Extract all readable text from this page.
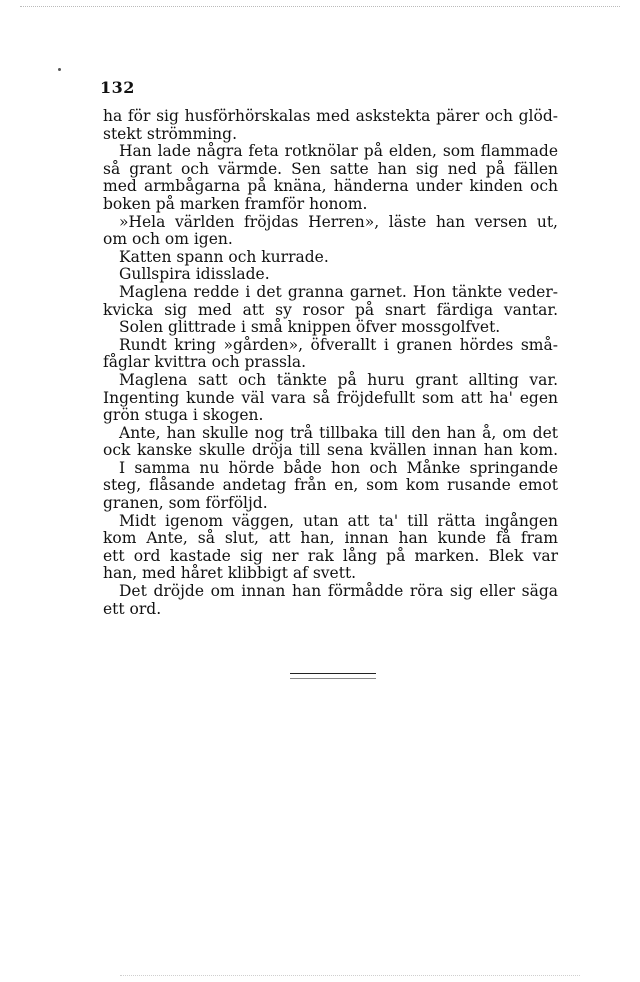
132
ha för sig husförhörskalas med askstekta pärer och glöd-
stekt strömming.
Han lade några feta rotknölar på elden, som flammade
så grant och värmde. Sen satte han sig ned på fällen
med armbågarna på knäna, händerna under kinden och
boken på marken framför honom.
»Hela världen fröjdas Herren», läste han versen ut,
om och om igen.
Katten spann och kurrade.
Gullspira idisslade.
Maglena redde i det granna garnet. Hon tänkte veder-
kvicka sig med att sy rosor på snart färdiga vantar.
Solen glittrade i små knippen öfver mossgolfvet.
Rundt kring »gården», öfverallt i granen hördes små-
fåglar kvittra och prassla.
Maglena satt och tänkte på huru grant allting var.
Ingenting kunde väl vara så fröjdefullt som att ha' egen
grön stuga i skogen.
Ante, han skulle nog trå tillbaka till den han å, om det
ock kanske skulle dröja till sena kvällen innan han kom.
I samma nu hörde både hon och Månke springande
steg, flåsande andetag från en, som kom rusande emot
granen, som förföljd.
Midt igenom väggen, utan att ta' till rätta ingången
kom Ante, så slut, att han, innan han kunde få fram
ett ord kastade sig ner rak lång på marken. Blek var
han, med håret klibbigt af svett.
Det dröjde om innan han förmådde röra sig eller säga
ett ord.
